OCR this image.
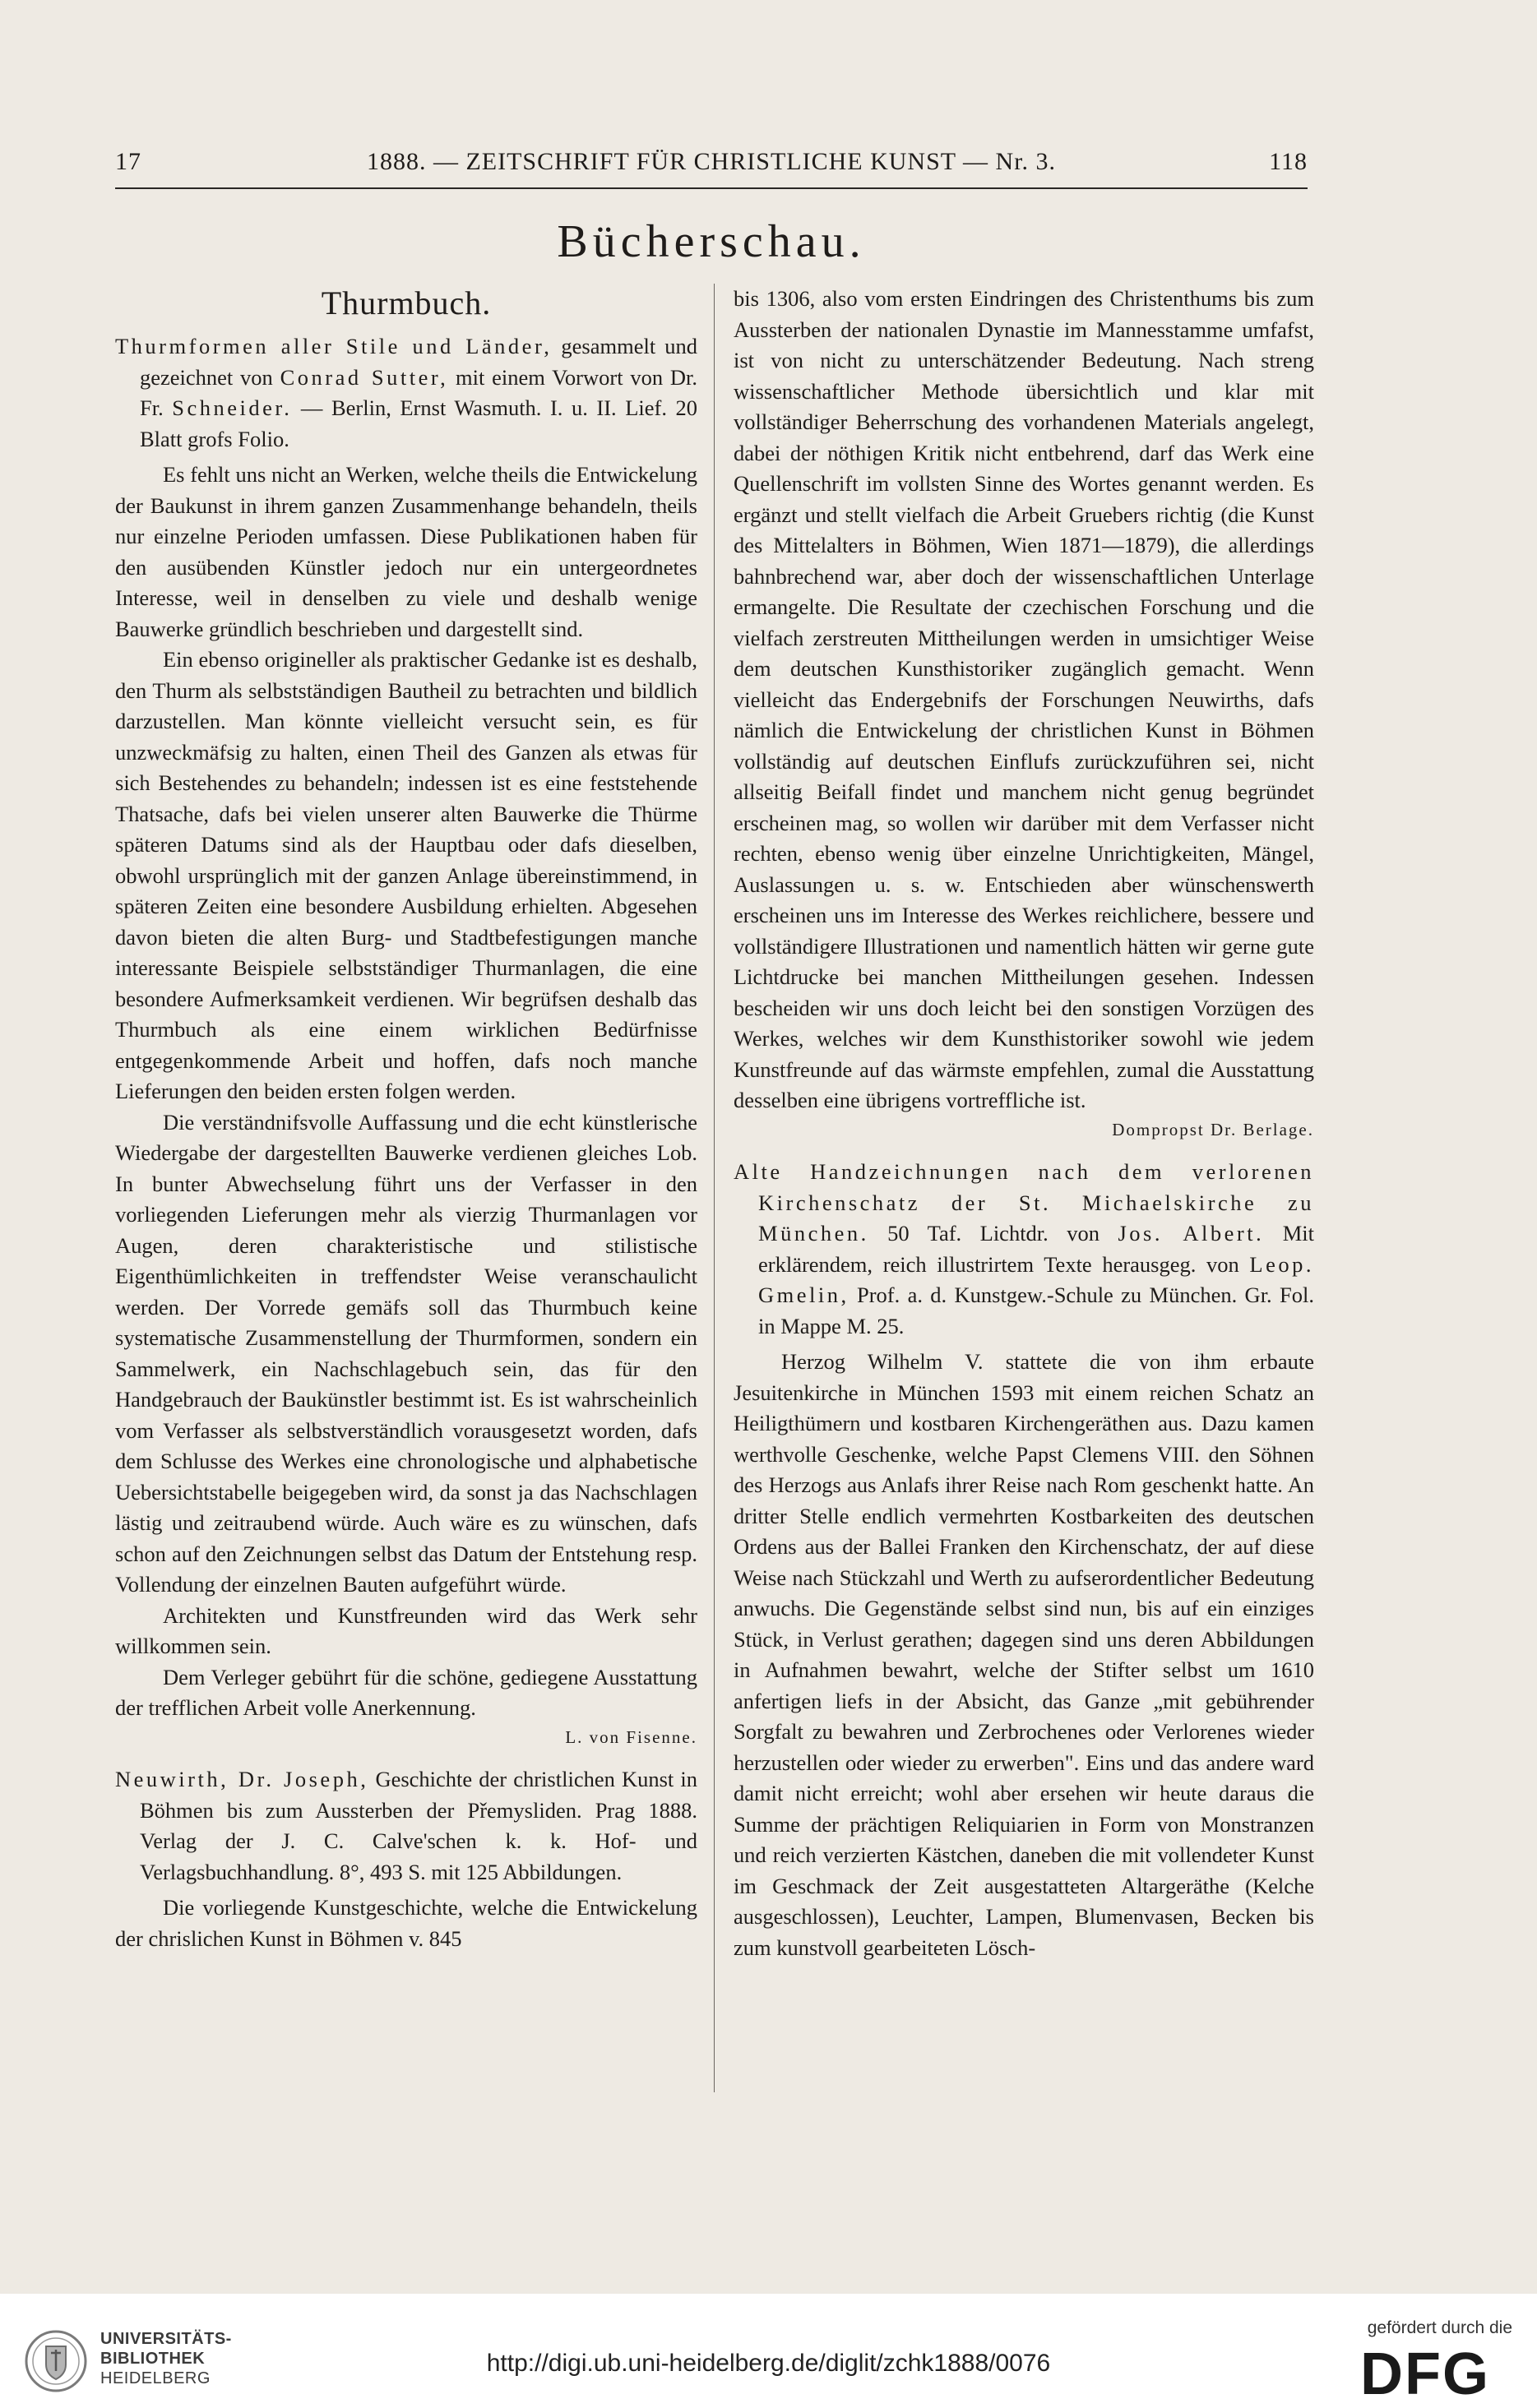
17	1888. — ZEITSCHRIFT FÜR CHRISTLICHE KUNST — Nr. 3.	118
Bücherschau.
Thurmbuch.

Thurmformen aller Stile und Länder, gesammelt und gezeichnet von Conrad Sutter, mit einem Vorwort von Dr. Fr. Schneider. — Berlin, Ernst Wasmuth. I. u. II. Lief. 20 Blatt grofs Folio.

Es fehlt uns nicht an Werken, welche theils die Entwickelung der Baukunst in ihrem ganzen Zusammenhange behandeln, theils nur einzelne Perioden umfassen. Diese Publikationen haben für den ausübenden Künstler jedoch nur ein untergeordnetes Interesse, weil in denselben zu viele und deshalb wenige Bauwerke gründlich beschrieben und dargestellt sind.

Ein ebenso origineller als praktischer Gedanke ist es deshalb, den Thurm als selbstständigen Bautheil zu betrachten und bildlich darzustellen. Man könnte vielleicht versucht sein, es für unzweckmäfsig zu halten, einen Theil des Ganzen als etwas für sich Bestehendes zu behandeln; indessen ist es eine feststehende Thatsache, dafs bei vielen unserer alten Bauwerke die Thürme späteren Datums sind als der Hauptbau oder dafs dieselben, obwohl ursprünglich mit der ganzen Anlage übereinstimmend, in späteren Zeiten eine besondere Ausbildung erhielten. Abgesehen davon bieten die alten Burg- und Stadtbefestigungen manche interessante Beispiele selbstständiger Thurmanlagen, die eine besondere Aufmerksamkeit verdienen. Wir begrüfsen deshalb das Thurmbuch als eine einem wirklichen Bedürfnisse entgegenkommende Arbeit und hoffen, dafs noch manche Lieferungen den beiden ersten folgen werden.

Die verständnifsvolle Auffassung und die echt künstlerische Wiedergabe der dargestellten Bauwerke verdienen gleiches Lob. In bunter Abwechselung führt uns der Verfasser in den vorliegenden Lieferungen mehr als vierzig Thurmanlagen vor Augen, deren charakteristische und stilistische Eigenthümlichkeiten in treffendster Weise veranschaulicht werden. Der Vorrede gemäfs soll das Thurmbuch keine systematische Zusammenstellung der Thurmformen, sondern ein Sammelwerk, ein Nachschlagebuch sein, das für den Handgebrauch der Baukünstler bestimmt ist. Es ist wahrscheinlich vom Verfasser als selbstverständlich vorausgesetzt worden, dafs dem Schlusse des Werkes eine chronologische und alphabetische Uebersichtstabelle beigegeben wird, da sonst ja das Nachschlagen lästig und zeitraubend würde. Auch wäre es zu wünschen, dafs schon auf den Zeichnungen selbst das Datum der Entstehung resp. Vollendung der einzelnen Bauten aufgeführt würde.

Architekten und Kunstfreunden wird das Werk sehr willkommen sein.

Dem Verleger gebührt für die schöne, gediegene Ausstattung der trefflichen Arbeit volle Anerkennung.

L. von Fisenne.

Neuwirth, Dr. Joseph, Geschichte der christlichen Kunst in Böhmen bis zum Aussterben der Přemysliden. Prag 1888. Verlag der J. C. Calve'schen k. k. Hof- und Verlagsbuchhandlung. 8°, 493 S. mit 125 Abbildungen.

Die vorliegende Kunstgeschichte, welche die Entwickelung der chrislichen Kunst in Böhmen v. 845

bis 1306, also vom ersten Eindringen des Christenthums bis zum Aussterben der nationalen Dynastie im Mannesstamme umfafst, ist von nicht zu unterschätzender Bedeutung. Nach streng wissenschaftlicher Methode übersichtlich und klar mit vollständiger Beherrschung des vorhandenen Materials angelegt, dabei der nöthigen Kritik nicht entbehrend, darf das Werk eine Quellenschrift im vollsten Sinne des Wortes genannt werden. Es ergänzt und stellt vielfach die Arbeit Gruebers richtig (die Kunst des Mittelalters in Böhmen, Wien 1871—1879), die allerdings bahnbrechend war, aber doch der wissenschaftlichen Unterlage ermangelte. Die Resultate der czechischen Forschung und die vielfach zerstreuten Mittheilungen werden in umsichtiger Weise dem deutschen Kunsthistoriker zugänglich gemacht. Wenn vielleicht das Endergebnifs der Forschungen Neuwirths, dafs nämlich die Entwickelung der christlichen Kunst in Böhmen vollständig auf deutschen Einflufs zurückzuführen sei, nicht allseitig Beifall findet und manchem nicht genug begründet erscheinen mag, so wollen wir darüber mit dem Verfasser nicht rechten, ebenso wenig über einzelne Unrichtigkeiten, Mängel, Auslassungen u. s. w. Entschieden aber wünschenswerth erscheinen uns im Interesse des Werkes reichlichere, bessere und vollständigere Illustrationen und namentlich hätten wir gerne gute Lichtdrucke bei manchen Mittheilungen gesehen. Indessen bescheiden wir uns doch leicht bei den sonstigen Vorzügen des Werkes, welches wir dem Kunsthistoriker sowohl wie jedem Kunstfreunde auf das wärmste empfehlen, zumal die Ausstattung desselben eine übrigens vortreffliche ist.

Dompropst Dr. Berlage.

Alte Handzeichnungen nach dem verlorenen Kirchenschatz der St. Michaelskirche zu München. 50 Taf. Lichtdr. von Jos. Albert. Mit erklärendem, reich illustrirtem Texte herausgeg. von Leop. Gmelin, Prof. a. d. Kunstgew.-Schule zu München. Gr. Fol. in Mappe M. 25.

Herzog Wilhelm V. stattete die von ihm erbaute Jesuitenkirche in München 1593 mit einem reichen Schatz an Heiligthümern und kostbaren Kirchengeräthen aus. Dazu kamen werthvolle Geschenke, welche Papst Clemens VIII. den Söhnen des Herzogs aus Anlafs ihrer Reise nach Rom geschenkt hatte. An dritter Stelle endlich vermehrten Kostbarkeiten des deutschen Ordens aus der Ballei Franken den Kirchenschatz, der auf diese Weise nach Stückzahl und Werth zu aufserordentlicher Bedeutung anwuchs. Die Gegenstände selbst sind nun, bis auf ein einziges Stück, in Verlust gerathen; dagegen sind uns deren Abbildungen in Aufnahmen bewahrt, welche der Stifter selbst um 1610 anfertigen liefs in der Absicht, das Ganze „mit gebührender Sorgfalt zu bewahren und Zerbrochenes oder Verlorenes wieder herzustellen oder wieder zu erwerben". Eins und das andere ward damit nicht erreicht; wohl aber ersehen wir heute daraus die Summe der prächtigen Reliquiarien in Form von Monstranzen und reich verzierten Kästchen, daneben die mit vollendeter Kunst im Geschmack der Zeit ausgestatteten Altargeräthe (Kelche ausgeschlossen), Leuchter, Lampen, Blumenvasen, Becken bis zum kunstvoll gearbeiteten Lösch-

UNIVERSITÄTS-
BIBLIOTHEK
HEIDELBERG
http://digi.ub.uni-heidelberg.de/diglit/zchk1888/0076
gefördert durch die
DFG
